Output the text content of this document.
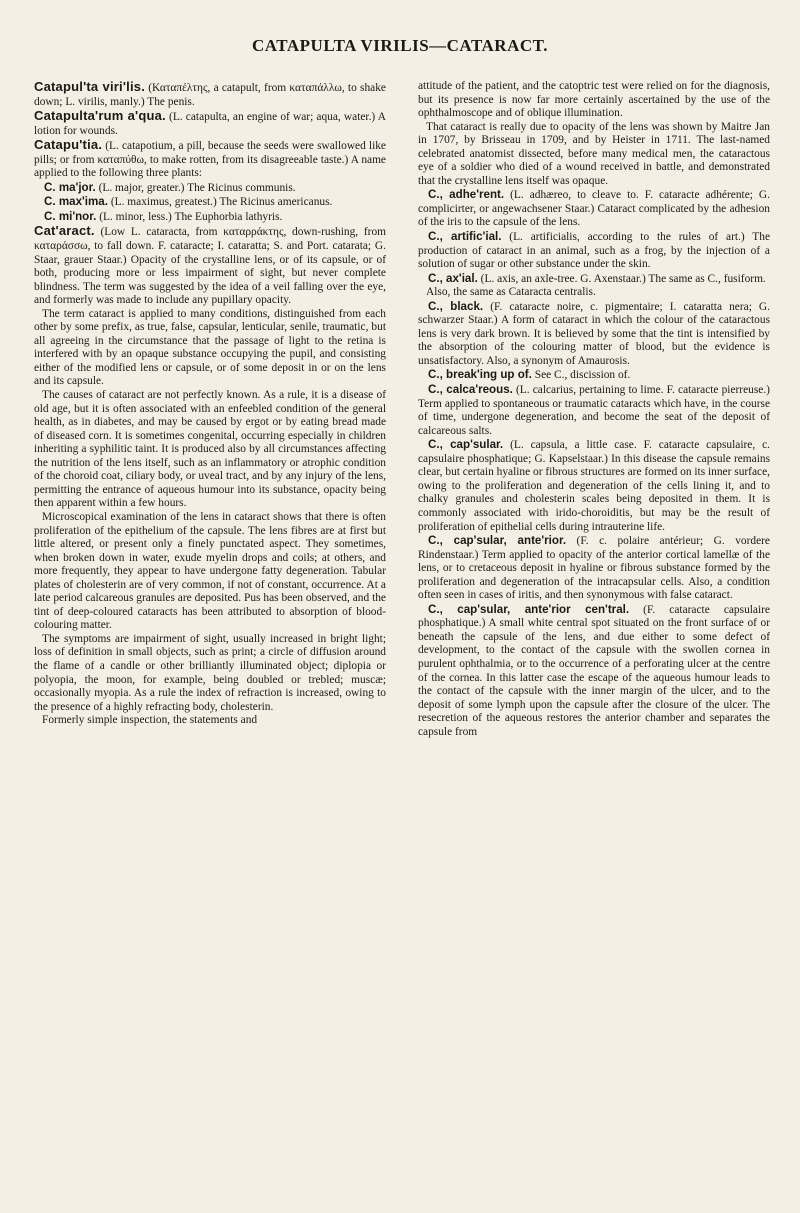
CATAPULTA VIRILIS—CATARACT.

Catapul'ta viri'lis. (Καταπέλτης, a catapult, from καταπάλλω, to shake down; L. virilis, manly.) The penis.

Catapulta'rum a'qua. (L. catapulta, an engine of war; aqua, water.) A lotion for wounds.

Catapu'tia. (L. catapotium, a pill, because the seeds were swallowed like pills; or from καταπύθω, to make rotten, from its disagreeable taste.) A name applied to the following three plants:

C. ma'jor. (L. major, greater.) The Ricinus communis.

C. max'ima. (L. maximus, greatest.) The Ricinus americanus.

C. mi'nor. (L. minor, less.) The Euphorbia lathyris.

Cat'aract. (Low L. cataracta, from καταρράκτης, down-rushing, from καταράσσω, to fall down. F. cataracte; I. cataratta; S. and Port. catarata; G. Staar, grauer Staar.) Opacity of the crystalline lens, or of its capsule, or of both, producing more or less impairment of sight, but never complete blindness. The term was suggested by the idea of a veil falling over the eye, and formerly was made to include any pupillary opacity.

The term cataract is applied to many conditions, distinguished from each other by some prefix, as true, false, capsular, lenticular, senile, traumatic, but all agreeing in the circumstance that the passage of light to the retina is interfered with by an opaque substance occupying the pupil, and consisting either of the modified lens or capsule, or of some deposit in or on the lens and its capsule.

The causes of cataract are not perfectly known. As a rule, it is a disease of old age, but it is often associated with an enfeebled condition of the general health, as in diabetes, and may be caused by ergot or by eating bread made of diseased corn. It is sometimes congenital, occurring especially in children inheriting a syphilitic taint. It is produced also by all circumstances affecting the nutrition of the lens itself, such as an inflammatory or atrophic condition of the choroid coat, ciliary body, or uveal tract, and by any injury of the lens, permitting the entrance of aqueous humour into its substance, opacity being then apparent within a few hours.

Microscopical examination of the lens in cataract shows that there is often proliferation of the epithelium of the capsule. The lens fibres are at first but little altered, or present only a finely punctated aspect. They sometimes, when broken down in water, exude myelin drops and coils; at others, and more frequently, they appear to have undergone fatty degeneration. Tabular plates of cholesterin are of very common, if not of constant, occurrence. At a late period calcareous granules are deposited. Pus has been observed, and the tint of deep-coloured cataracts has been attributed to absorption of blood-colouring matter.

The symptoms are impairment of sight, usually increased in bright light; loss of definition in small objects, such as print; a circle of diffusion around the flame of a candle or other brilliantly illuminated object; diplopia or polyopia, the moon, for example, being doubled or trebled; muscæ; occasionally myopia. As a rule the index of refraction is increased, owing to the presence of a highly refracting body, cholesterin.

Formerly simple inspection, the statements and

attitude of the patient, and the catoptric test were relied on for the diagnosis, but its presence is now far more certainly ascertained by the use of the ophthalmoscope and of oblique illumination.

That cataract is really due to opacity of the lens was shown by Maitre Jan in 1707, by Brisseau in 1709, and by Heister in 1711. The last-named celebrated anatomist dissected, before many medical men, the cataractous eye of a soldier who died of a wound received in battle, and demonstrated that the crystalline lens itself was opaque.

C., adhe'rent. (L. adhæreo, to cleave to. F. cataracte adhérente; G. complicirter, or angewachsener Staar.) Cataract complicated by the adhesion of the iris to the capsule of the lens.

C., artific'ial. (L. artificialis, according to the rules of art.) The production of cataract in an animal, such as a frog, by the injection of a solution of sugar or other substance under the skin.

C., ax'ial. (L. axis, an axle-tree. G. Axenstaar.) The same as C., fusiform.

Also, the same as Cataracta centralis.

C., black. (F. cataracte noire, c. pigmentaire; I. cataratta nera; G. schwarzer Staar.) A form of cataract in which the colour of the cataractous lens is very dark brown. It is believed by some that the tint is intensified by the absorption of the colouring matter of blood, but the evidence is unsatisfactory. Also, a synonym of Amaurosis.

C., break'ing up of. See C., discission of.

C., calca'reous. (L. calcarius, pertaining to lime. F. cataracte pierreuse.) Term applied to spontaneous or traumatic cataracts which have, in the course of time, undergone degeneration, and become the seat of the deposit of calcareous salts.

C., cap'sular. (L. capsula, a little case. F. cataracte capsulaire, c. capsulaire phosphatique; G. Kapselstaar.) In this disease the capsule remains clear, but certain hyaline or fibrous structures are formed on its inner surface, owing to the proliferation and degeneration of the cells lining it, and to chalky granules and cholesterin scales being deposited in them. It is commonly associated with irido-choroiditis, but may be the result of proliferation of epithelial cells during intrauterine life.

C., cap'sular, ante'rior. (F. c. polaire antérieur; G. vordere Rindenstaar.) Term applied to opacity of the anterior cortical lamellæ of the lens, or to cretaceous deposit in hyaline or fibrous substance formed by the proliferation and degeneration of the intracapsular cells. Also, a condition often seen in cases of iritis, and then synonymous with false cataract.

C., cap'sular, ante'rior cen'tral. (F. cataracte capsulaire phosphatique.) A small white central spot situated on the front surface of or beneath the capsule of the lens, and due either to some defect of development, to the contact of the capsule with the swollen cornea in purulent ophthalmia, or to the occurrence of a perforating ulcer at the centre of the cornea. In this latter case the escape of the aqueous humour leads to the contact of the capsule with the inner margin of the ulcer, and to the deposit of some lymph upon the capsule after the closure of the ulcer. The resecretion of the aqueous restores the anterior chamber and separates the capsule from
